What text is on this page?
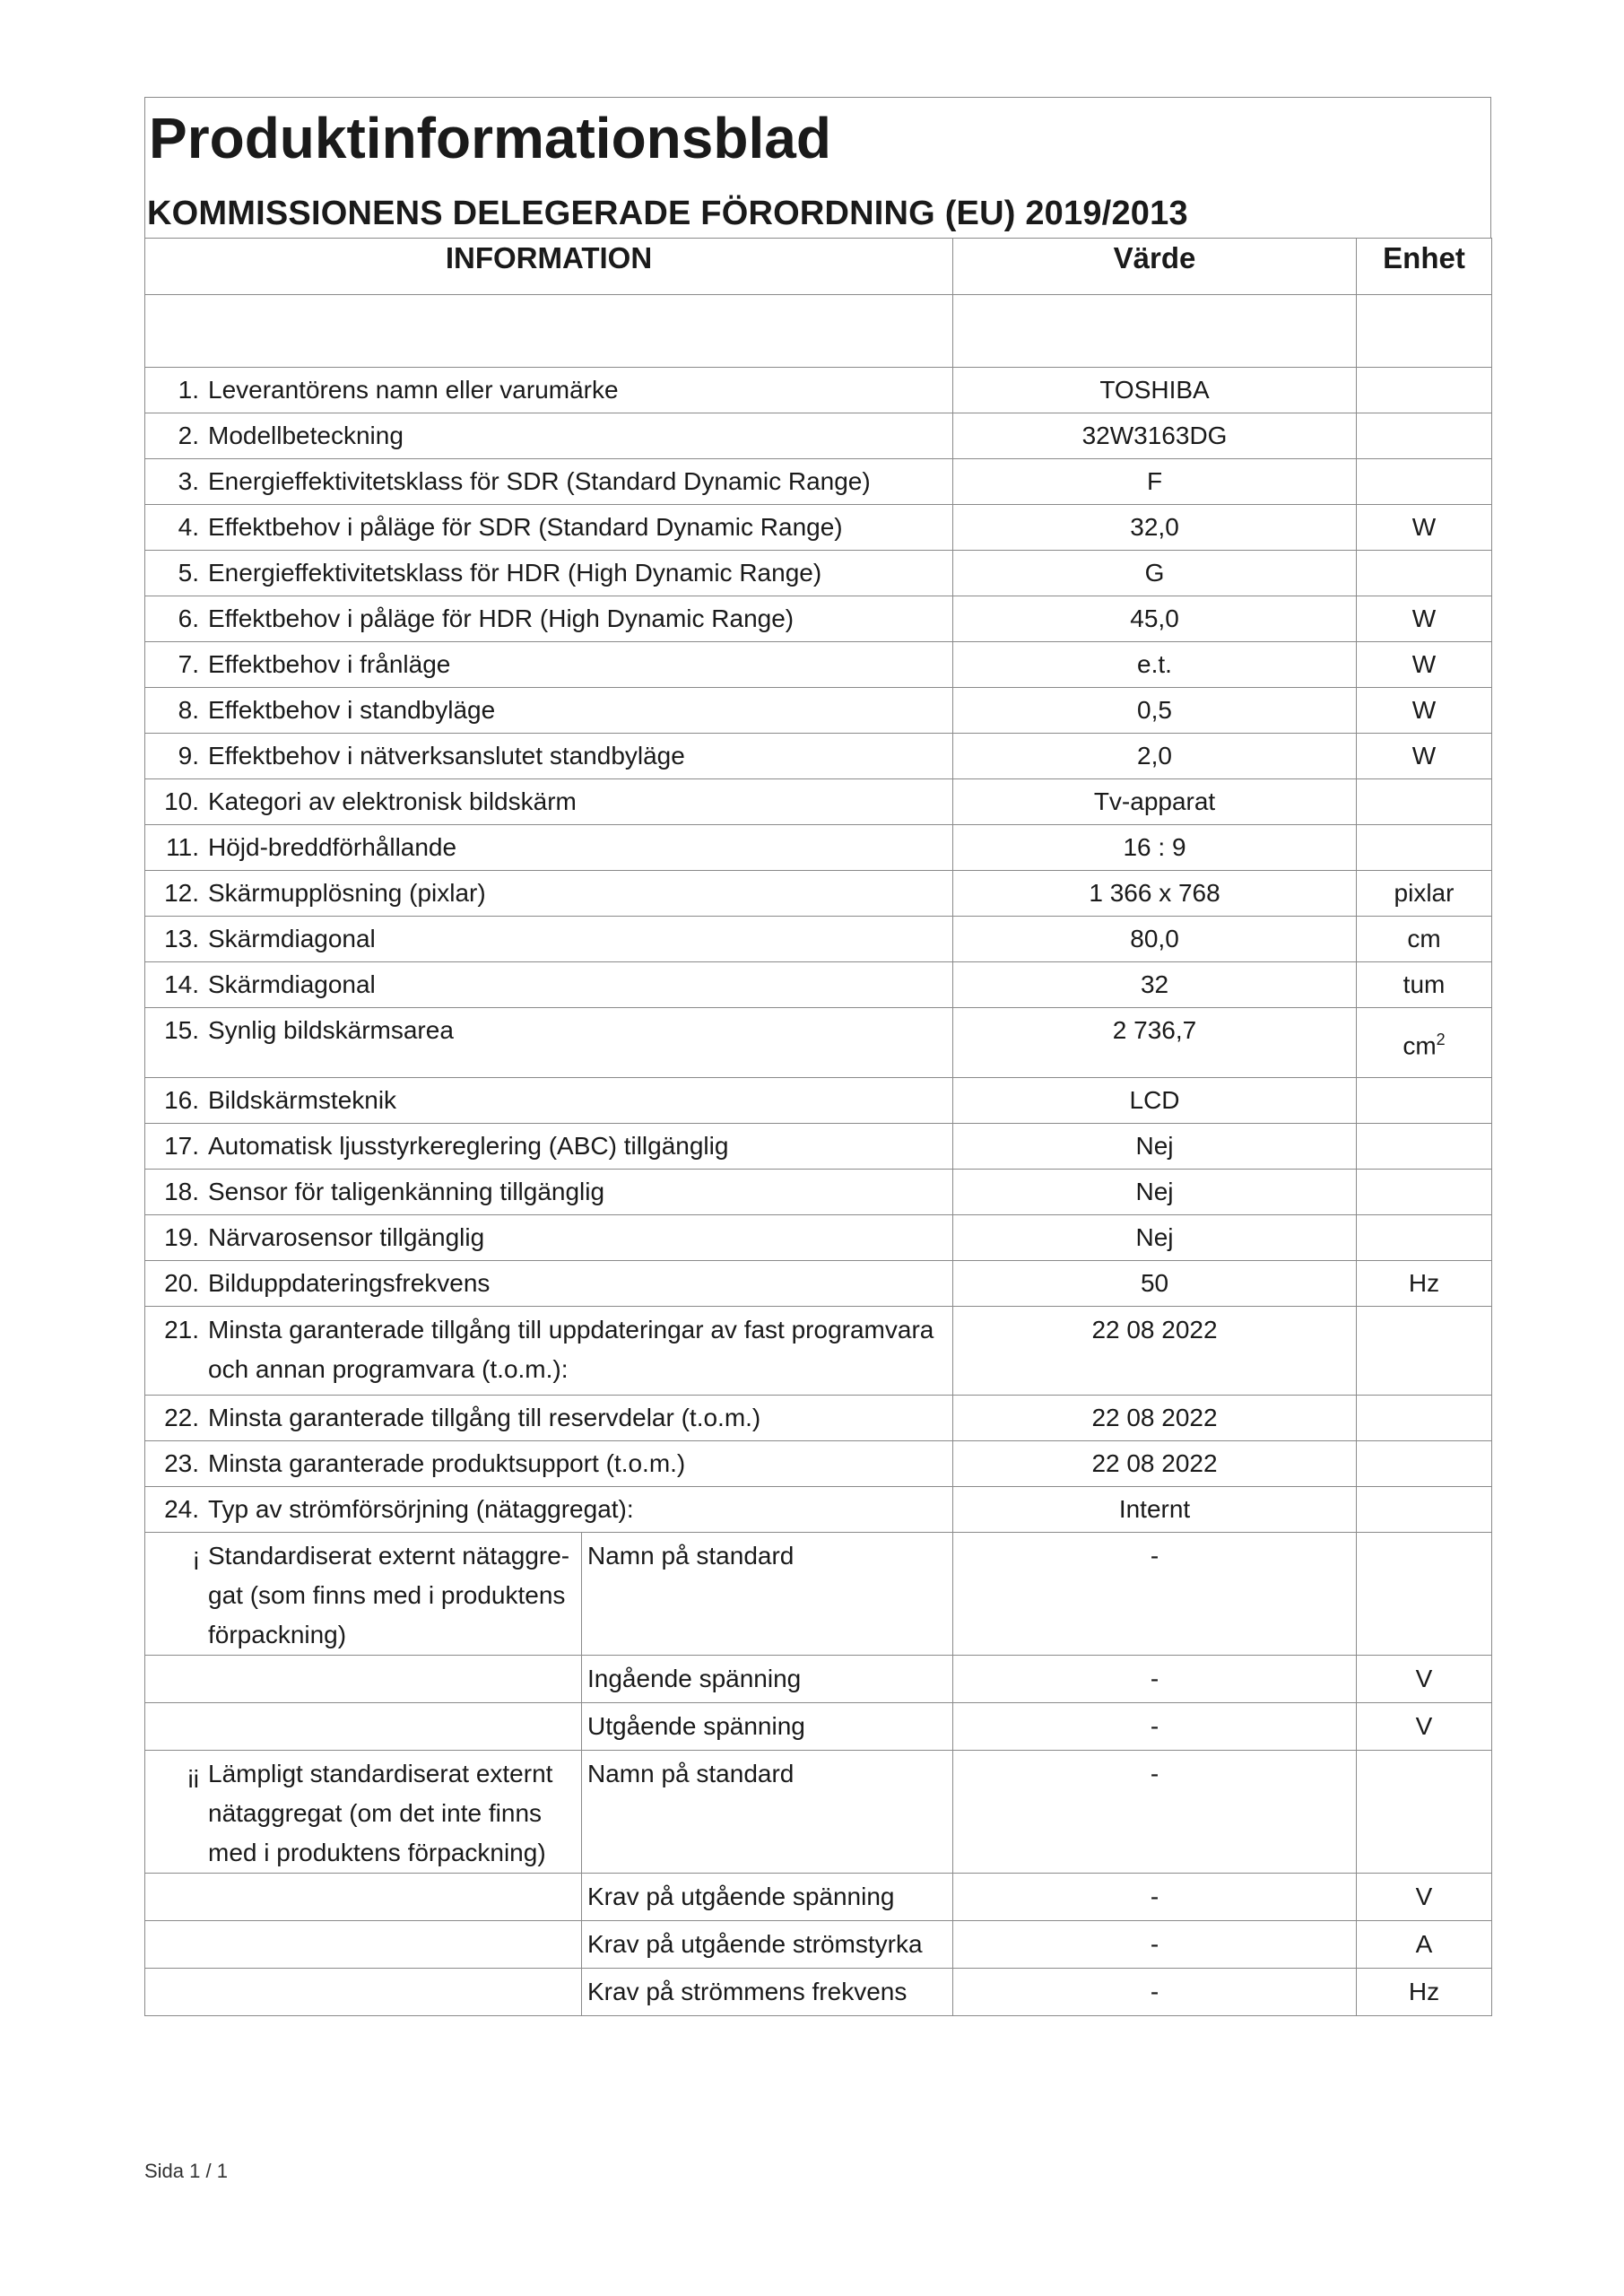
Produktinformationsblad
KOMMISSIONENS DELEGERADE FÖRORDNING (EU) 2019/2013
INFORMATION		Värde	Enhet

1. Leverantörens namn eller varumärke		TOSHIBA	
2. Modellbeteckning		32W3163DG	
3. Energieffektivitetsklass för SDR (Standard Dynamic Range)		F	
4. Effektbehov i påläge för SDR (Standard Dynamic Range)		32,0	W
5. Energieffektivitetsklass för HDR (High Dynamic Range)		G	
6. Effektbehov i påläge för HDR (High Dynamic Range)		45,0	W
7. Effektbehov i frånläge		e.t.	W
8. Effektbehov i standbyläge		0,5	W
9. Effektbehov i nätverksanslutet standbyläge		2,0	W
10. Kategori av elektronisk bildskärm		Tv-apparat	
11. Höjd-breddförhållande		16 : 9	
12. Skärmupplösning (pixlar)		1 366 x 768	pixlar
13. Skärmdiagonal		80,0	cm
14. Skärmdiagonal		32	tum
15. Synlig bildskärmsarea		2 736,7	$cm^2$
16. Bildskärmsteknik		LCD	
17. Automatisk ljusstyrkereglering (ABC) tillgänglig		Nej	
18. Sensor för taligenkänning tillgänglig		Nej	
19. Närvarosensor tillgänglig		Nej	
20. Bilduppdateringsfrekvens		50	Hz

21. Minsta garanterade tillgång till uppdateringar av fast programvara och annan programvara (t.o.m.):		22 08 2022	
22. Minsta garanterade tillgång till reservdelar (t.o.m.)		22 08 2022	
23. Minsta garanterade produktsupport (t.o.m.)		22 08 2022	
24. Typ av strömförsörjning (nätaggregat):		Internt	

i Standardiserat externt nätaggre-gat (som finns med i produktens förpackning)	Namn på standard	-	

	Ingående spänning	-	V

	Utgående spänning	-	V

ii Lämpligt standardiserat externt nätaggregat (om det inte finns med i produktens förpackning)	Namn på standard	-	

	Krav på utgående spänning	-	V

	Krav på utgående strömstyrka	-	A

	Krav på strömmens frekvens	-	Hz
Sida 1 / 1
